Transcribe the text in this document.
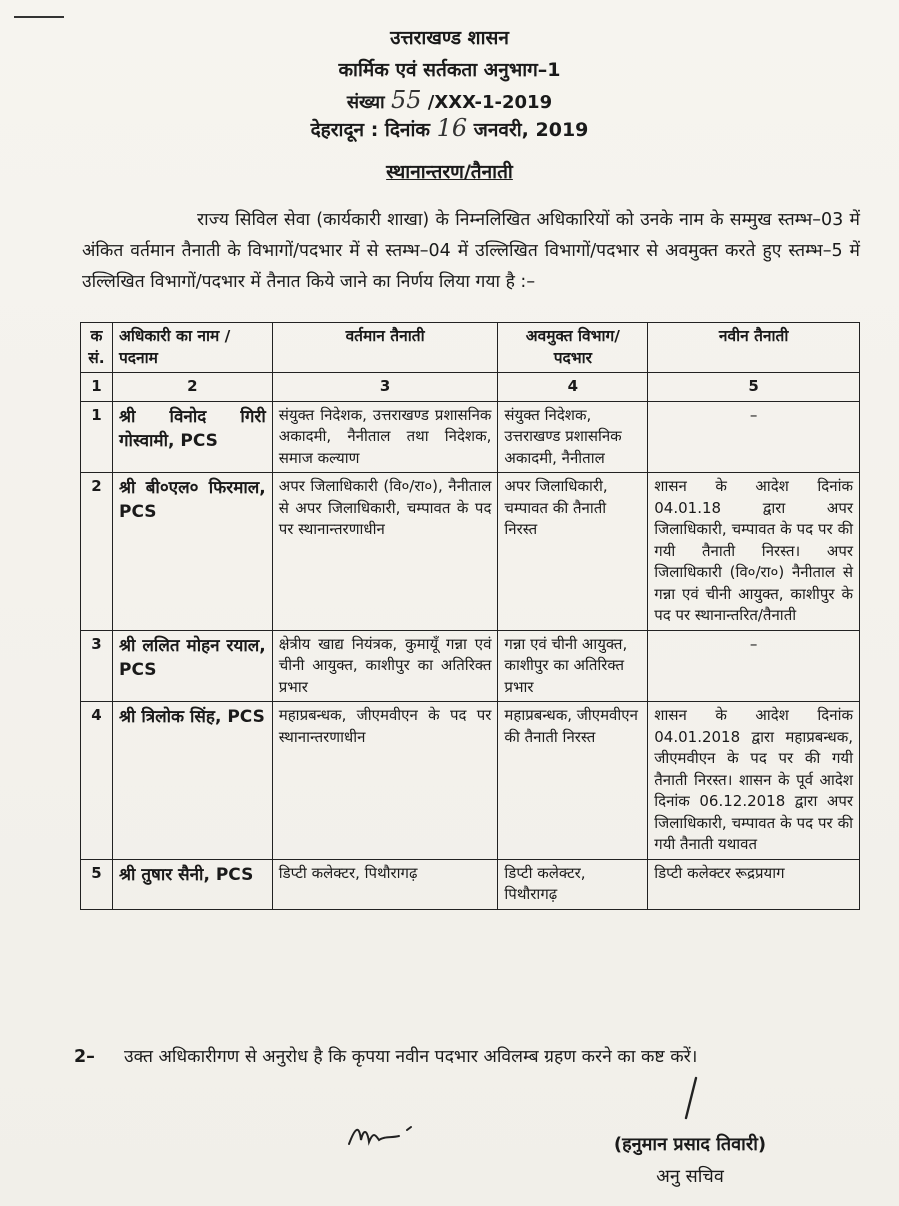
उत्तराखण्ड शासन
कार्मिक एवं सर्तकता अनुभाग–1
संख्या 55 /XXX-1-2019
देहरादून : दिनांक 16 जनवरी, 2019
स्थानान्तरण/तैनाती

राज्य सिविल सेवा (कार्यकारी शाखा) के निम्नलिखित अधिकारियों को उनके नाम के सम्मुख स्तम्भ–03 में अंकित वर्तमान तैनाती के विभागों/पदभार में से स्तम्भ–04 में उल्लिखित विभागों/पदभार से अवमुक्त करते हुए स्तम्भ–5 में उल्लिखित विभागों/पदभार में तैनात किये जाने का निर्णय लिया गया है :–

क सं.	अधिकारी का नाम /पदनाम	वर्तमान तैनाती	अवमुक्त विभाग/ पदभार	नवीन तैनाती
1	2	3	4	5
1	श्री विनोद गिरी गोस्वामी, PCS	संयुक्त निदेशक, उत्तराखण्ड प्रशासनिक अकादमी, नैनीताल तथा निदेशक, समाज कल्याण	संयुक्त निदेशक, उत्तराखण्ड प्रशासनिक अकादमी, नैनीताल	–
2	श्री बी०एल० फिरमाल, PCS	अपर जिलाधिकारी (वि०/रा०), नैनीताल से अपर जिलाधिकारी, चम्पावत के पद पर स्थानान्तरणाधीन	अपर जिलाधिकारी, चम्पावत की तैनाती निरस्त	शासन के आदेश दिनांक 04.01.18 द्वारा अपर जिलाधिकारी, चम्पावत के पद पर की गयी तैनाती निरस्त। अपर जिलाधिकारी (वि०/रा०) नैनीताल से गन्ना एवं चीनी आयुक्त, काशीपुर के पद पर स्थानान्तरित/तैनाती
3	श्री ललित मोहन रयाल, PCS	क्षेत्रीय खाद्य नियंत्रक, कुमायूँ गन्ना एवं चीनी आयुक्त, काशीपुर का अतिरिक्त प्रभार	गन्ना एवं चीनी आयुक्त, काशीपुर का अतिरिक्त प्रभार	–
4	श्री त्रिलोक सिंह, PCS	महाप्रबन्धक, जीएमवीएन के पद पर स्थानान्तरणाधीन	महाप्रबन्धक, जीएमवीएन की तैनाती निरस्त	शासन के आदेश दिनांक 04.01.2018 द्वारा महाप्रबन्धक, जीएमवीएन के पद पर की गयी तैनाती निरस्त। शासन के पूर्व आदेश दिनांक 06.12.2018 द्वारा अपर जिलाधिकारी, चम्पावत के पद पर की गयी तैनाती यथावत
5	श्री तुषार सैनी, PCS	डिप्टी कलेक्टर, पिथौरागढ़	डिप्टी कलेक्टर, पिथौरागढ़	डिप्टी कलेक्टर रूद्रप्रयाग
2– उक्त अधिकारीगण से अनुरोध है कि कृपया नवीन पदभार अविलम्ब ग्रहण करने का कष्ट करें।
(हनुमान प्रसाद तिवारी)
अनु सचिव
